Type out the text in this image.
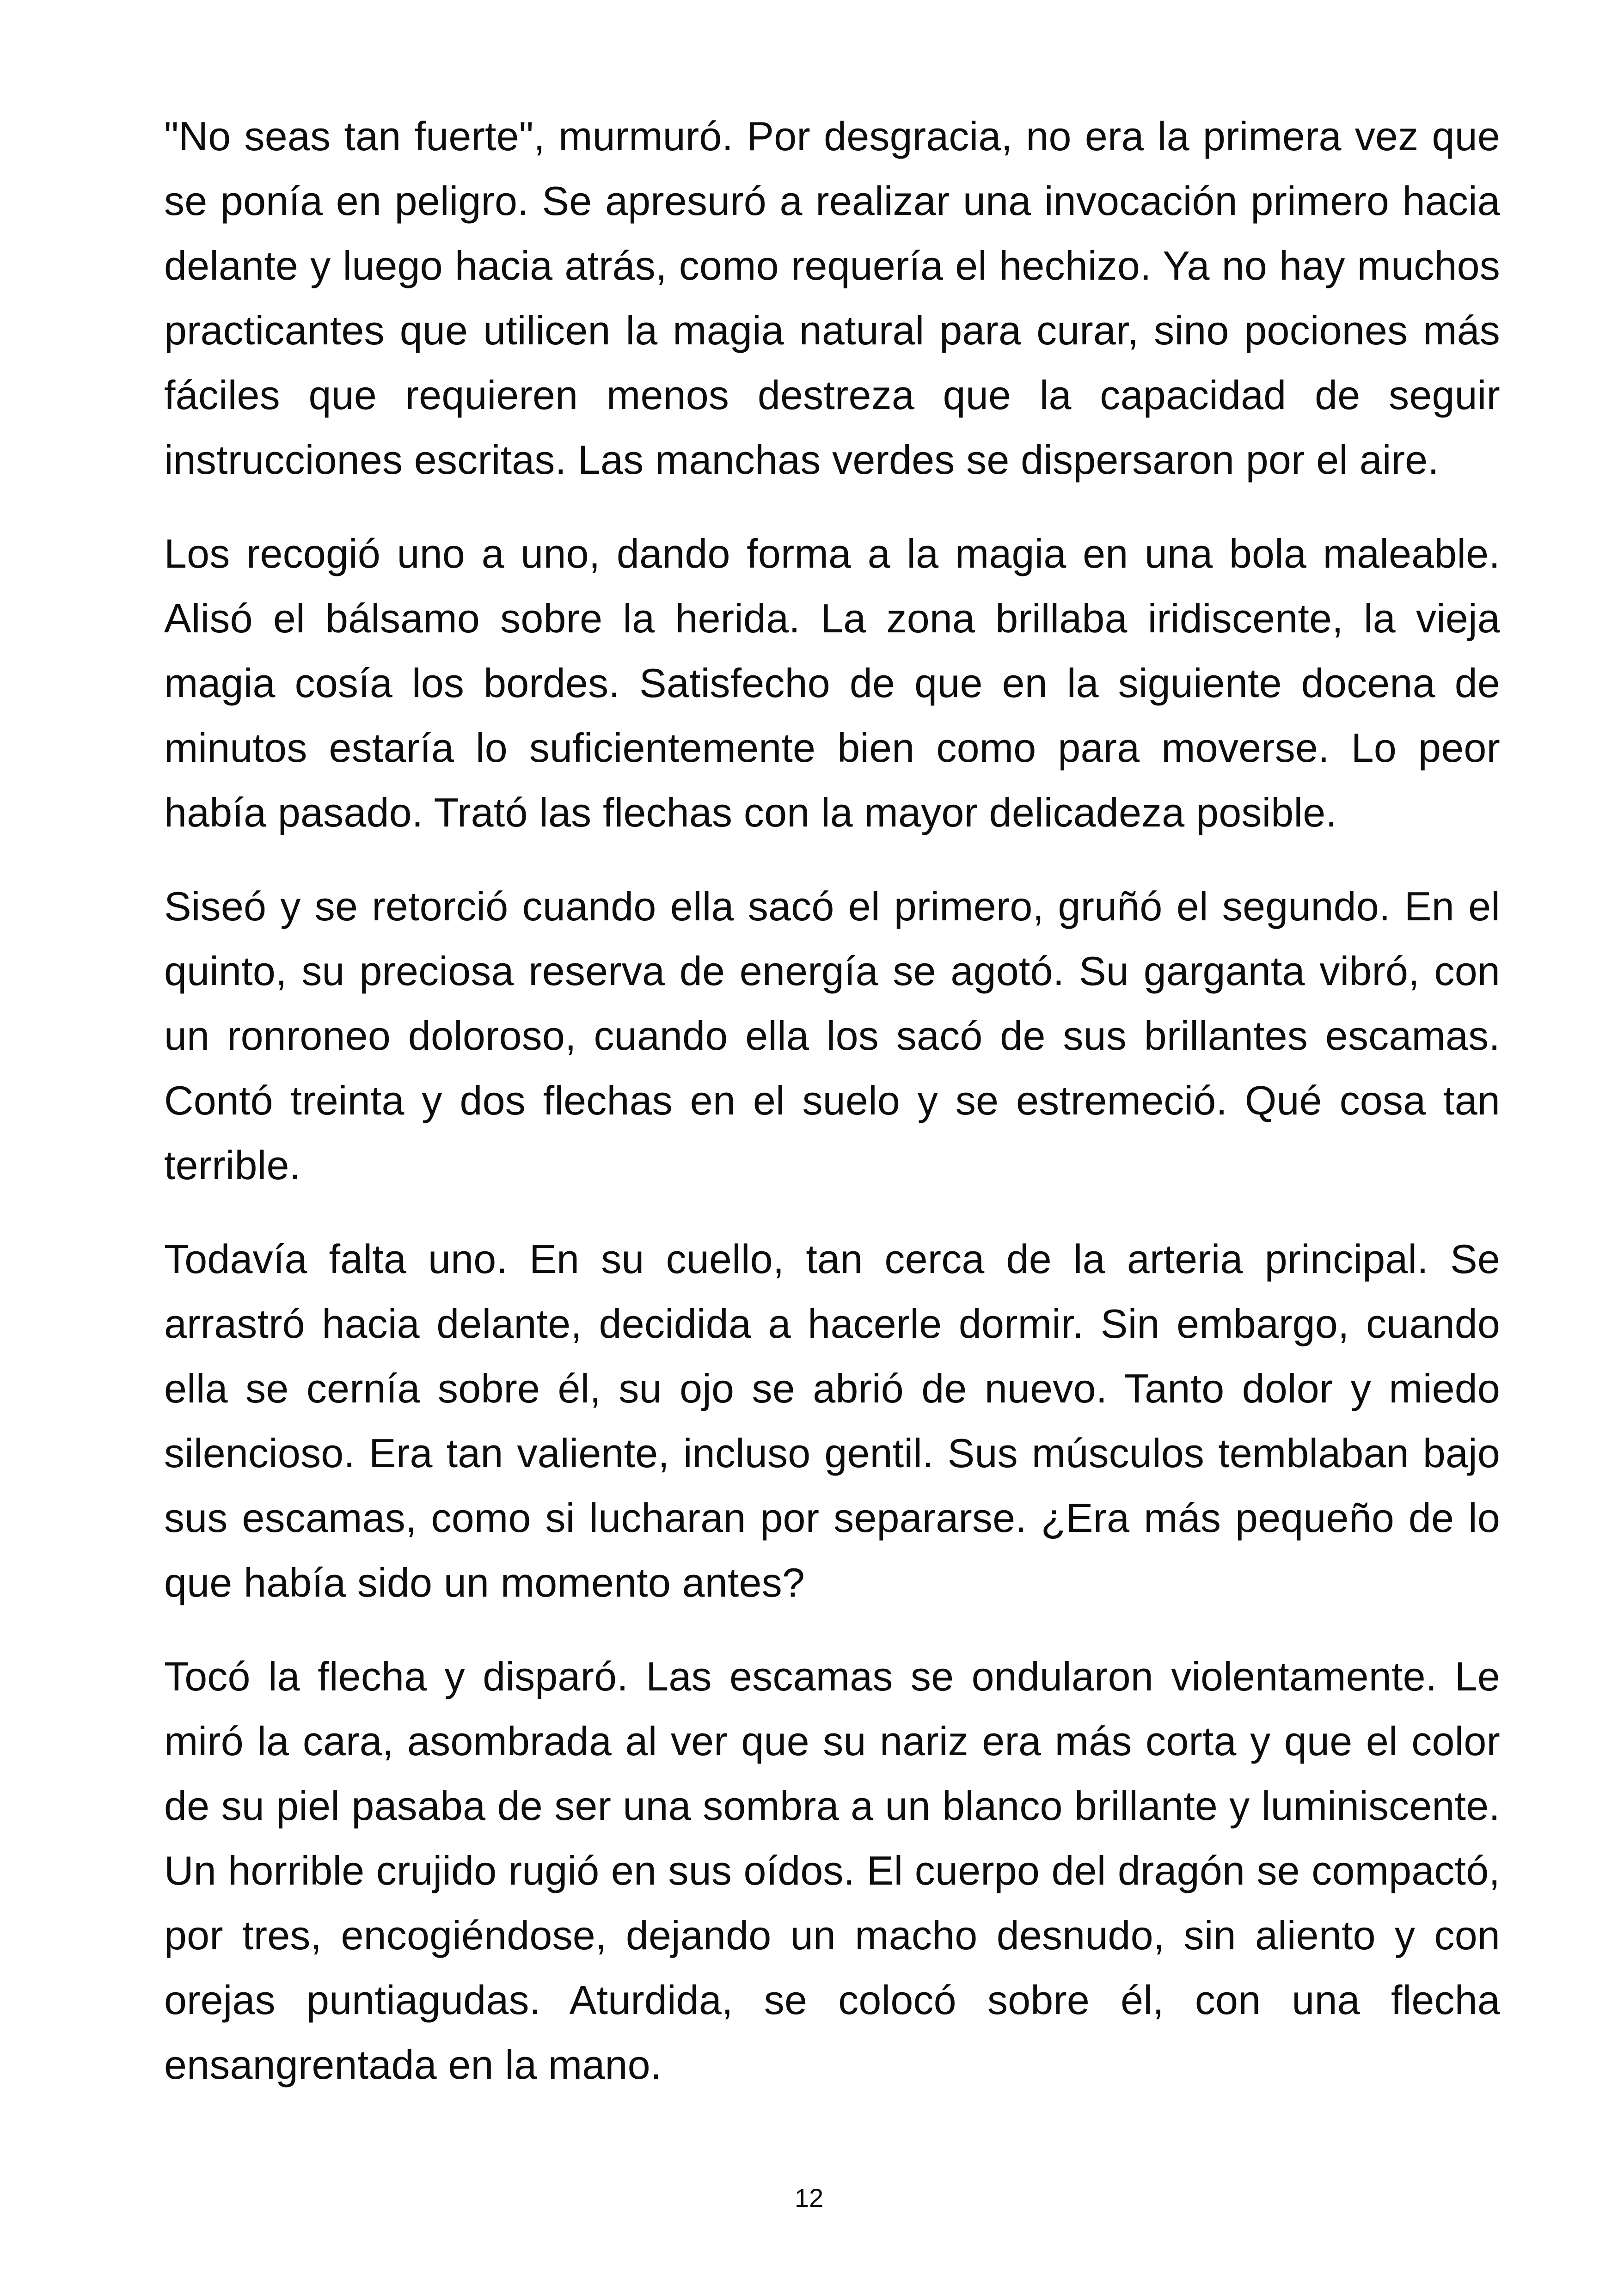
"No seas tan fuerte", murmuró. Por desgracia, no era la primera vez que se ponía en peligro. Se apresuró a realizar una invocación primero hacia delante y luego hacia atrás, como requería el hechizo. Ya no hay muchos practicantes que utilicen la magia natural para curar, sino pociones más fáciles que requieren menos destreza que la capacidad de seguir instrucciones escritas. Las manchas verdes se dispersaron por el aire.

Los recogió uno a uno, dando forma a la magia en una bola maleable. Alisó el bálsamo sobre la herida. La zona brillaba iridiscente, la vieja magia cosía los bordes. Satisfecho de que en la siguiente docena de minutos estaría lo suficientemente bien como para moverse. Lo peor había pasado. Trató las flechas con la mayor delicadeza posible.

Siseó y se retorció cuando ella sacó el primero, gruñó el segundo. En el quinto, su preciosa reserva de energía se agotó. Su garganta vibró, con un ronroneo doloroso, cuando ella los sacó de sus brillantes escamas. Contó treinta y dos flechas en el suelo y se estremeció. Qué cosa tan terrible.

Todavía falta uno. En su cuello, tan cerca de la arteria principal. Se arrastró hacia delante, decidida a hacerle dormir. Sin embargo, cuando ella se cernía sobre él, su ojo se abrió de nuevo. Tanto dolor y miedo silencioso. Era tan valiente, incluso gentil. Sus músculos temblaban bajo sus escamas, como si lucharan por separarse. ¿Era más pequeño de lo que había sido un momento antes?

Tocó la flecha y disparó. Las escamas se ondularon violentamente. Le miró la cara, asombrada al ver que su nariz era más corta y que el color de su piel pasaba de ser una sombra a un blanco brillante y luminiscente. Un horrible crujido rugió en sus oídos. El cuerpo del dragón se compactó, por tres, encogiéndose, dejando un macho desnudo, sin aliento y con orejas puntiagudas. Aturdida, se colocó sobre él, con una flecha ensangrentada en la mano.

12
